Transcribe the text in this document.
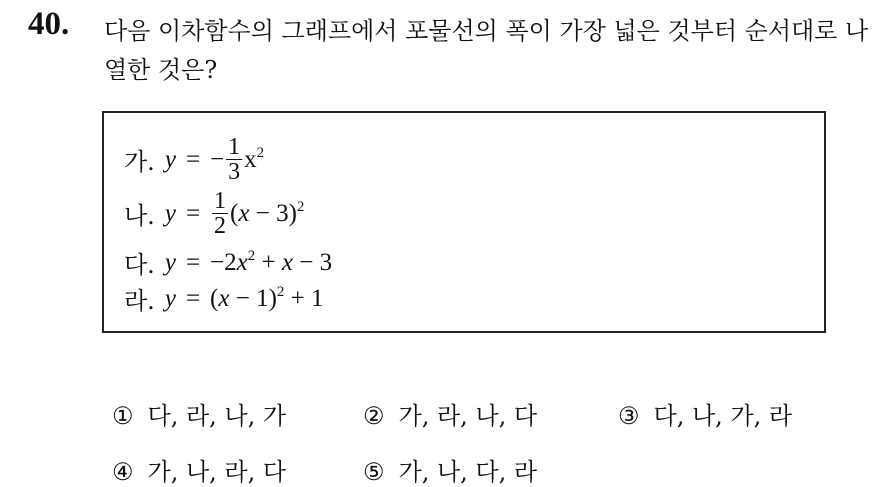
40. 다음 이차함수의 그래프에서 포물선의 폭이 가장 넓은 것부터 순서대로 나열한 것은?
가. y = − $\frac{1}{3} x^2$
나. $y = \frac{1}{2} (x - 3)^2$
다. $y = -2x^2 + x - 3$
라. $y = (x - 1)^2 + 1$
① 다, 라, 나, 가	② 가, 라, 나, 다	③ 다, 나, 가, 라
④ 가, 나, 라, 다	⑤ 가, 나, 다, 라
